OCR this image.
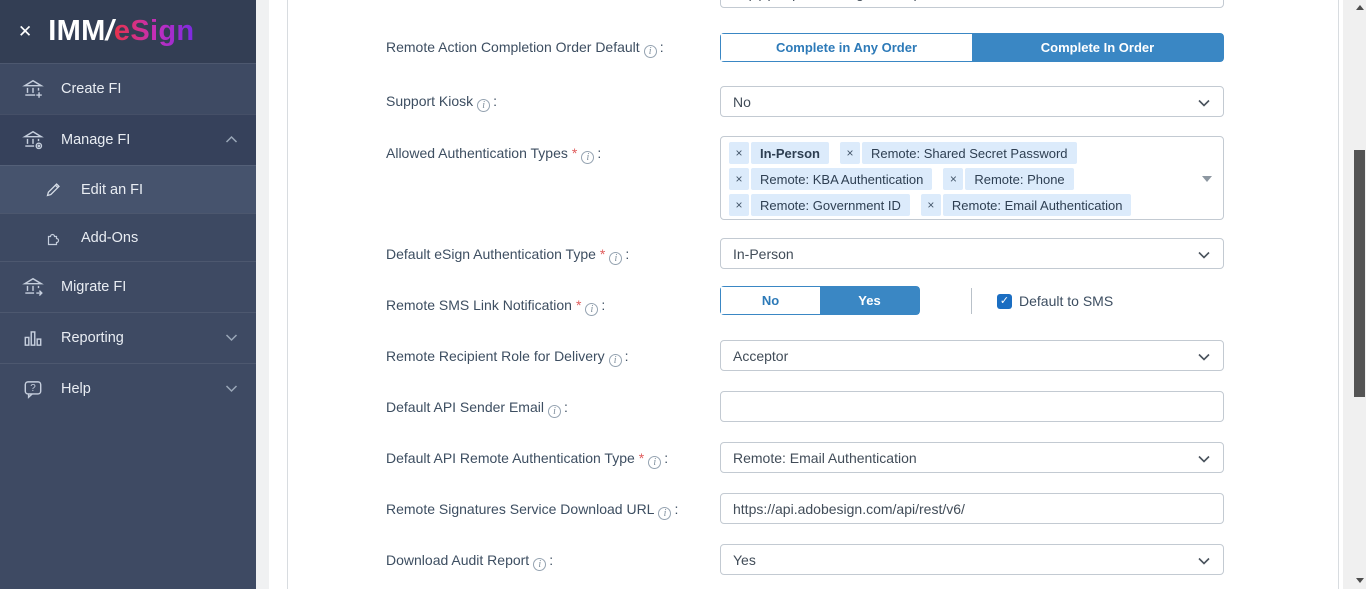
✕ IMM/eSign
Create FI
Manage FI
Edit an FI
Add-Ons
Migrate FI
Reporting
? Help
Remote Action Completion Order Default i :	Complete in Any Order	Complete In Order
Support Kiosk i :	No
Allowed Authentication Types * i :	×	In-Person	×	Remote: Shared Secret Password
×	Remote: KBA Authentication	×	Remote: Phone
×	Remote: Government ID	×	Remote: Email Authentication
Default eSign Authentication Type * i :	In-Person
Remote SMS Link Notification * i :	No	Yes	✓ Default to SMS
Remote Recipient Role for Delivery i :	Acceptor
Default API Sender Email i :
Default API Remote Authentication Type * i :	Remote: Email Authentication
Remote Signatures Service Download URL i :	https://api.adobesign.com/api/rest/v6/
Download Audit Report i :	Yes
